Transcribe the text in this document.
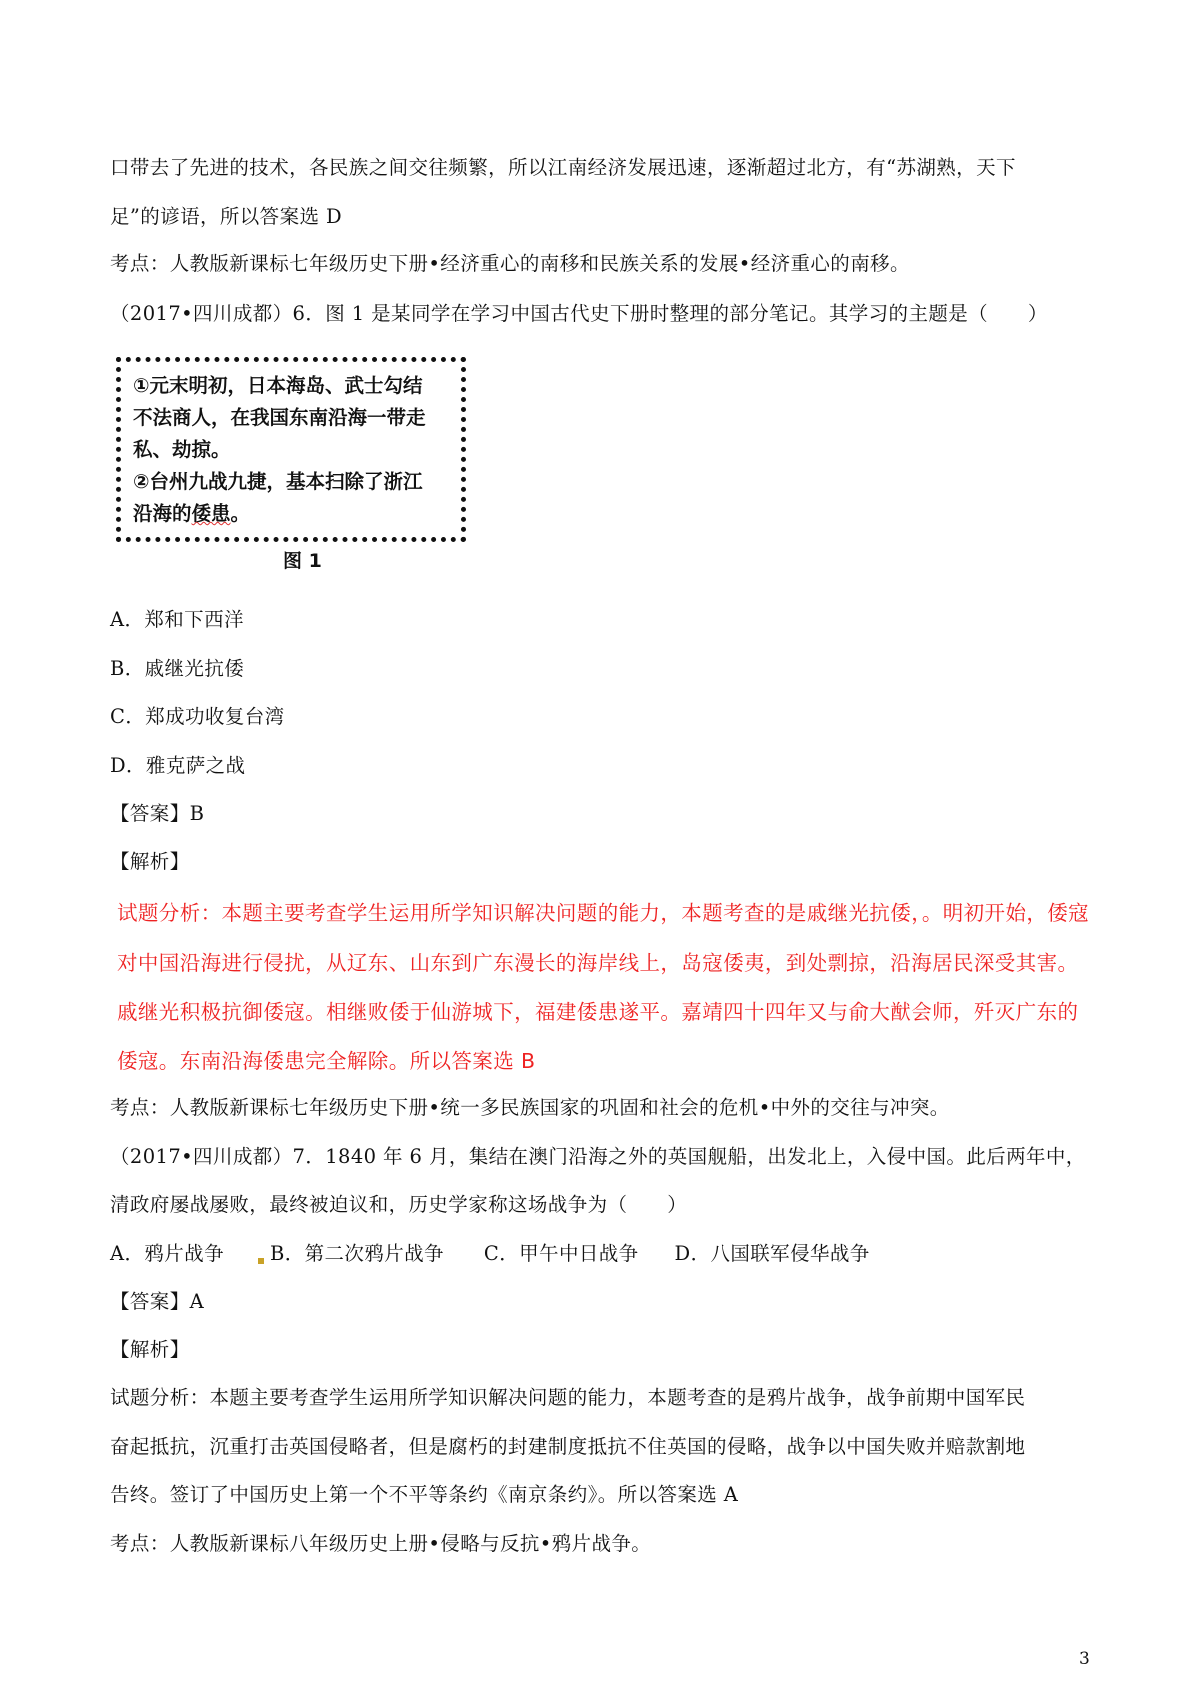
口带去了先进的技术，各民族之间交往频繁，所以江南经济发展迅速，逐渐超过北方，有“苏湖熟，天下

足”的谚语，所以答案选 D

考点：人教版新课标七年级历史下册•经济重心的南移和民族关系的发展•经济重心的南移。

（2017•四川成都）6．图 1 是某同学在学习中国古代史下册时整理的部分笔记。其学习的主题是（　　）

①元末明初，日本海岛、武士勾结

不法商人，在我国东南沿海一带走

私、劫掠。

②台州九战九捷，基本扫除了浙江

沿海的倭患。

图 1

A．郑和下西洋

B．戚继光抗倭

C．郑成功收复台湾

D．雅克萨之战

【答案】B

【解析】

试题分析：本题主要考查学生运用所学知识解决问题的能力，本题考查的是戚继光抗倭，。明初开始，倭寇

对中国沿海进行侵扰，从辽东、山东到广东漫长的海岸线上，岛寇倭夷，到处剽掠，沿海居民深受其害。

戚继光积极抗御倭寇。相继败倭于仙游城下，福建倭患遂平。嘉靖四十四年又与俞大猷会师，歼灭广东的

倭寇。东南沿海倭患完全解除。所以答案选 B

考点：人教版新课标七年级历史下册•统一多民族国家的巩固和社会的危机•中外的交往与冲突。

（2017•四川成都）7．1840 年 6 月，集结在澳门沿海之外的英国舰船，出发北上，入侵中国。此后两年中，

清政府屡战屡败，最终被迫议和，历史学家称这场战争为（　　）

A．鸦片战争 B．第二次鸦片战争 C．甲午中日战争 D．八国联军侵华战争

【答案】A

【解析】

试题分析：本题主要考查学生运用所学知识解决问题的能力，本题考查的是鸦片战争，战争前期中国军民

奋起抵抗，沉重打击英国侵略者，但是腐朽的封建制度抵抗不住英国的侵略，战争以中国失败并赔款割地

告终。签订了中国历史上第一个不平等条约《南京条约》。所以答案选 A

考点：人教版新课标八年级历史上册•侵略与反抗•鸦片战争。

3
